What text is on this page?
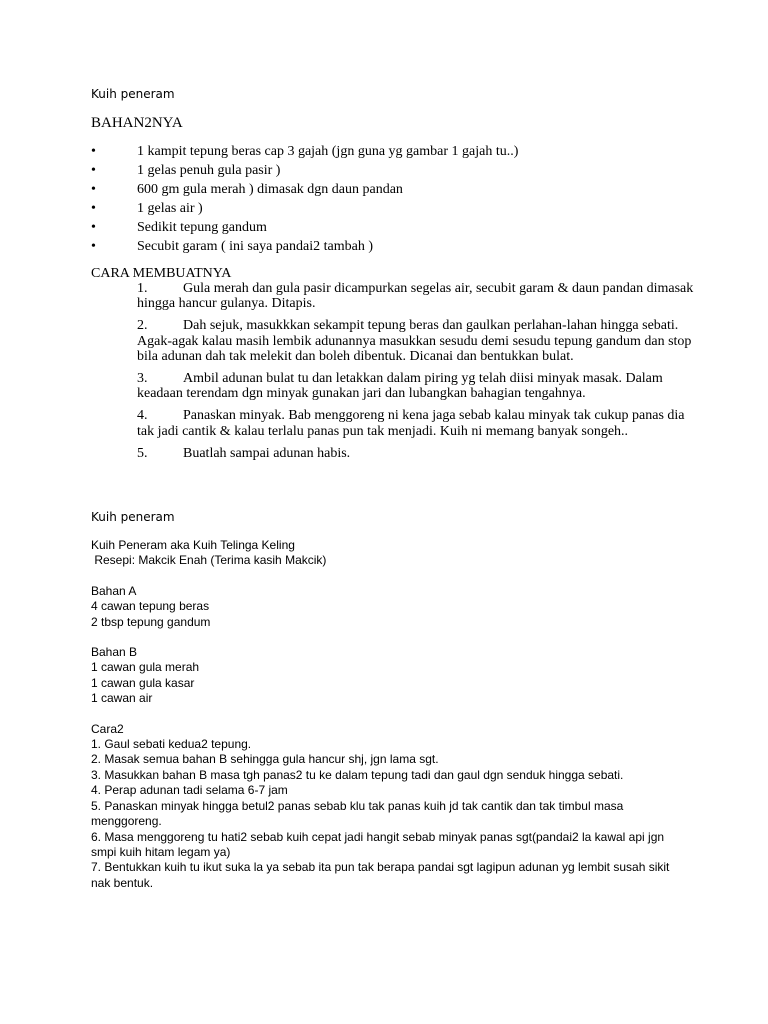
Kuih peneram
BAHAN2NYA
•	1 kampit tepung beras cap 3 gajah (jgn guna yg gambar 1 gajah tu..)
•	1 gelas penuh gula pasir )
•	600 gm gula merah ) dimasak dgn daun pandan
•	1 gelas air )
•	Sedikit tepung gandum
•	Secubit garam ( ini saya pandai2 tambah )
CARA MEMBUATNYA
1.	Gula merah dan gula pasir dicampurkan segelas air, secubit garam & daun pandan dimasak hingga hancur gulanya. Ditapis.
2.	Dah sejuk, masukkkan sekampit tepung beras dan gaulkan perlahan-lahan hingga sebati. Agak-agak kalau masih lembik adunannya masukkan sesudu demi sesudu tepung gandum dan stop bila adunan dah tak melekit dan boleh dibentuk. Dicanai dan bentukkan bulat.
3.	Ambil adunan bulat tu dan letakkan dalam piring yg telah diisi minyak masak. Dalam keadaan terendam dgn minyak gunakan jari dan lubangkan bahagian tengahnya.
4.	Panaskan minyak. Bab menggoreng ni kena jaga sebab kalau minyak tak cukup panas dia tak jadi cantik & kalau terlalu panas pun tak menjadi. Kuih ni memang banyak songeh..
5.	Buatlah sampai adunan habis.
Kuih peneram
Kuih Peneram aka Kuih Telinga Keling
Resepi: Makcik Enah (Terima kasih Makcik)
Bahan A
4 cawan tepung beras
2 tbsp tepung gandum
Bahan B
1 cawan gula merah
1 cawan gula kasar
1 cawan air
Cara2
1. Gaul sebati kedua2 tepung.
2. Masak semua bahan B sehingga gula hancur shj, jgn lama sgt.
3. Masukkan bahan B masa tgh panas2 tu ke dalam tepung tadi dan gaul dgn senduk hingga sebati.
4. Perap adunan tadi selama 6-7 jam
5. Panaskan minyak hingga betul2 panas sebab klu tak panas kuih jd tak cantik dan tak timbul masa menggoreng.
6. Masa menggoreng tu hati2 sebab kuih cepat jadi hangit sebab minyak panas sgt(pandai2 la kawal api jgn smpi kuih hitam legam ya)
7. Bentukkan kuih tu ikut suka la ya sebab ita pun tak berapa pandai sgt lagipun adunan yg lembit susah sikit nak bentuk.
